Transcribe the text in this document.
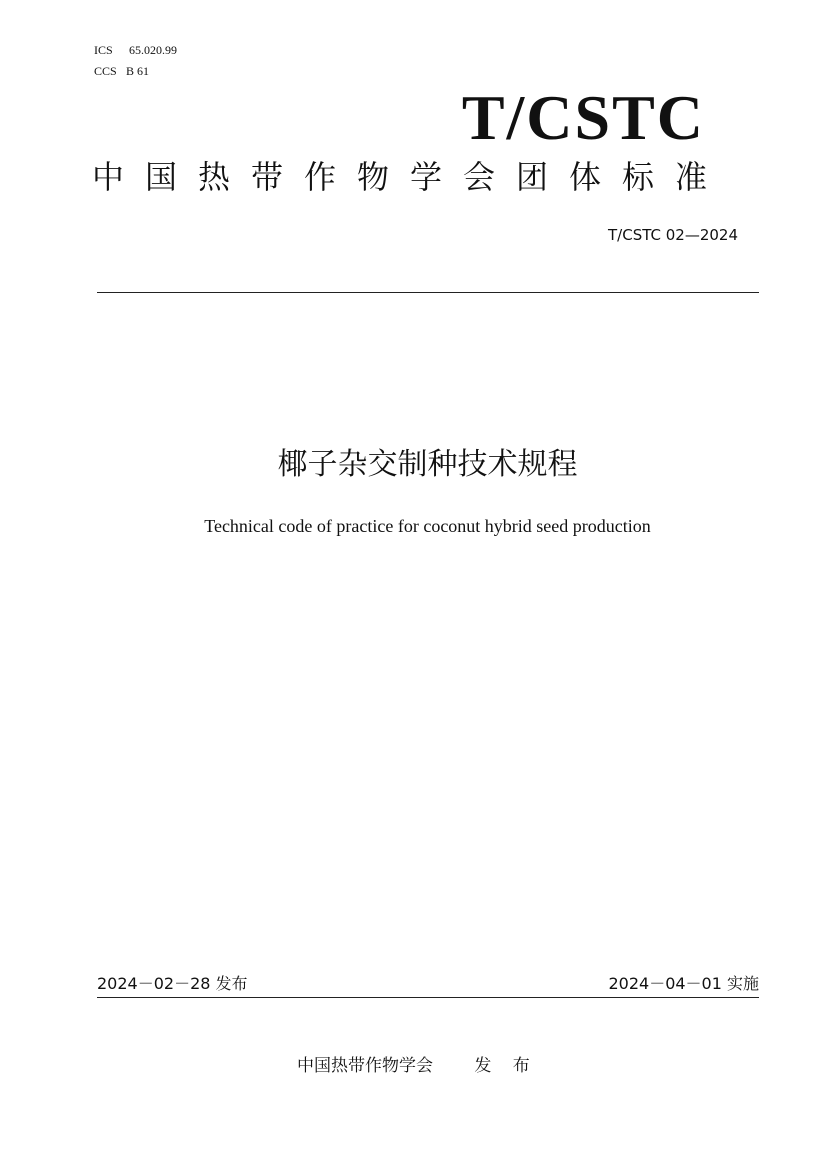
ICS	65.020.99
CCS B 61
T/CSTC
中国热带作物学会团体标准
T/CSTC 02—2024
椰子杂交制种技术规程
Technical code of practice for coconut hybrid seed production
2024－02－28 发布	2024－04－01 实施
中国热带作物学会 发 布
